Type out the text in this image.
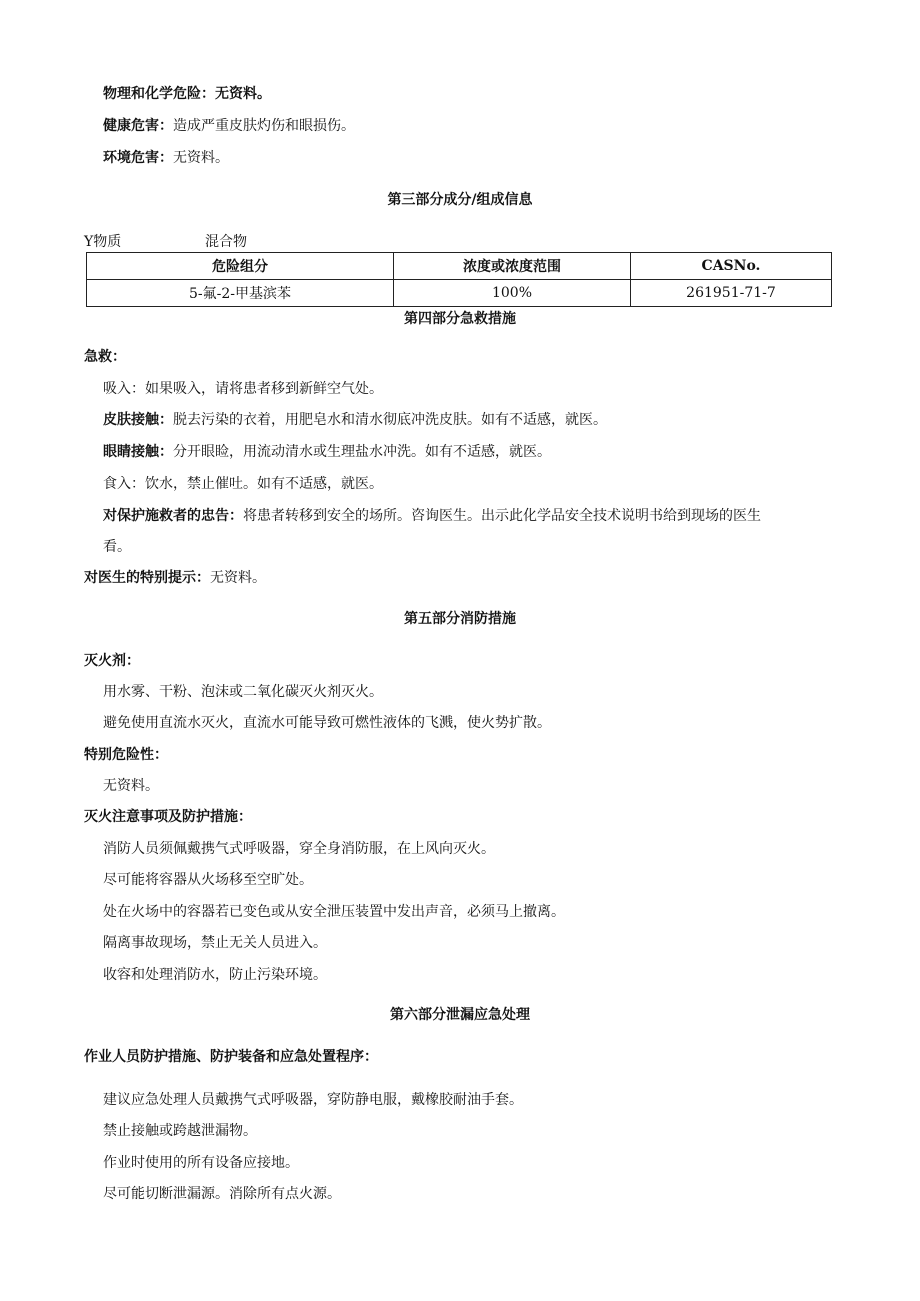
物理和化学危险：无资料。
健康危害：造成严重皮肤灼伤和眼损伤。
环境危害：无资料。
第三部分成分/组成信息
Y物质	混合物
危险组分	浓度或浓度范围	CASNo.
5-氟-2-甲基滨苯	100%	261951-71-7
第四部分急救措施
急救：
吸入：如果吸入，请将患者移到新鲜空气处。
皮肤接触：脱去污染的衣着，用肥皂水和清水彻底冲洗皮肤。如有不适感，就医。
眼睛接触：分开眼睑，用流动清水或生理盐水冲洗。如有不适感，就医。
食入：饮水，禁止催吐。如有不适感，就医。
对保护施救者的忠告：将患者转移到安全的场所。咨询医生。出示此化学品安全技术说明书给到现场的医生
看。
对医生的特别提示：无资料。
第五部分消防措施
灭火剂：
用水雾、干粉、泡沫或二氧化碳灭火剂灭火。
避免使用直流水灭火，直流水可能导致可燃性液体的飞溅，使火势扩散。
特别危险性：
无资料。
灭火注意事项及防护措施：
消防人员须佩戴携气式呼吸器，穿全身消防服，在上风向灭火。
尽可能将容器从火场移至空旷处。
处在火场中的容器若已变色或从安全泄压装置中发出声音，必须马上撤离。
隔离事故现场，禁止无关人员进入。
收容和处理消防水，防止污染环境。
第六部分泄漏应急处理
作业人员防护措施、防护装备和应急处置程序：
建议应急处理人员戴携气式呼吸器，穿防静电服，戴橡胶耐油手套。
禁止接触或跨越泄漏物。
作业时使用的所有设备应接地。
尽可能切断泄漏源。消除所有点火源。
